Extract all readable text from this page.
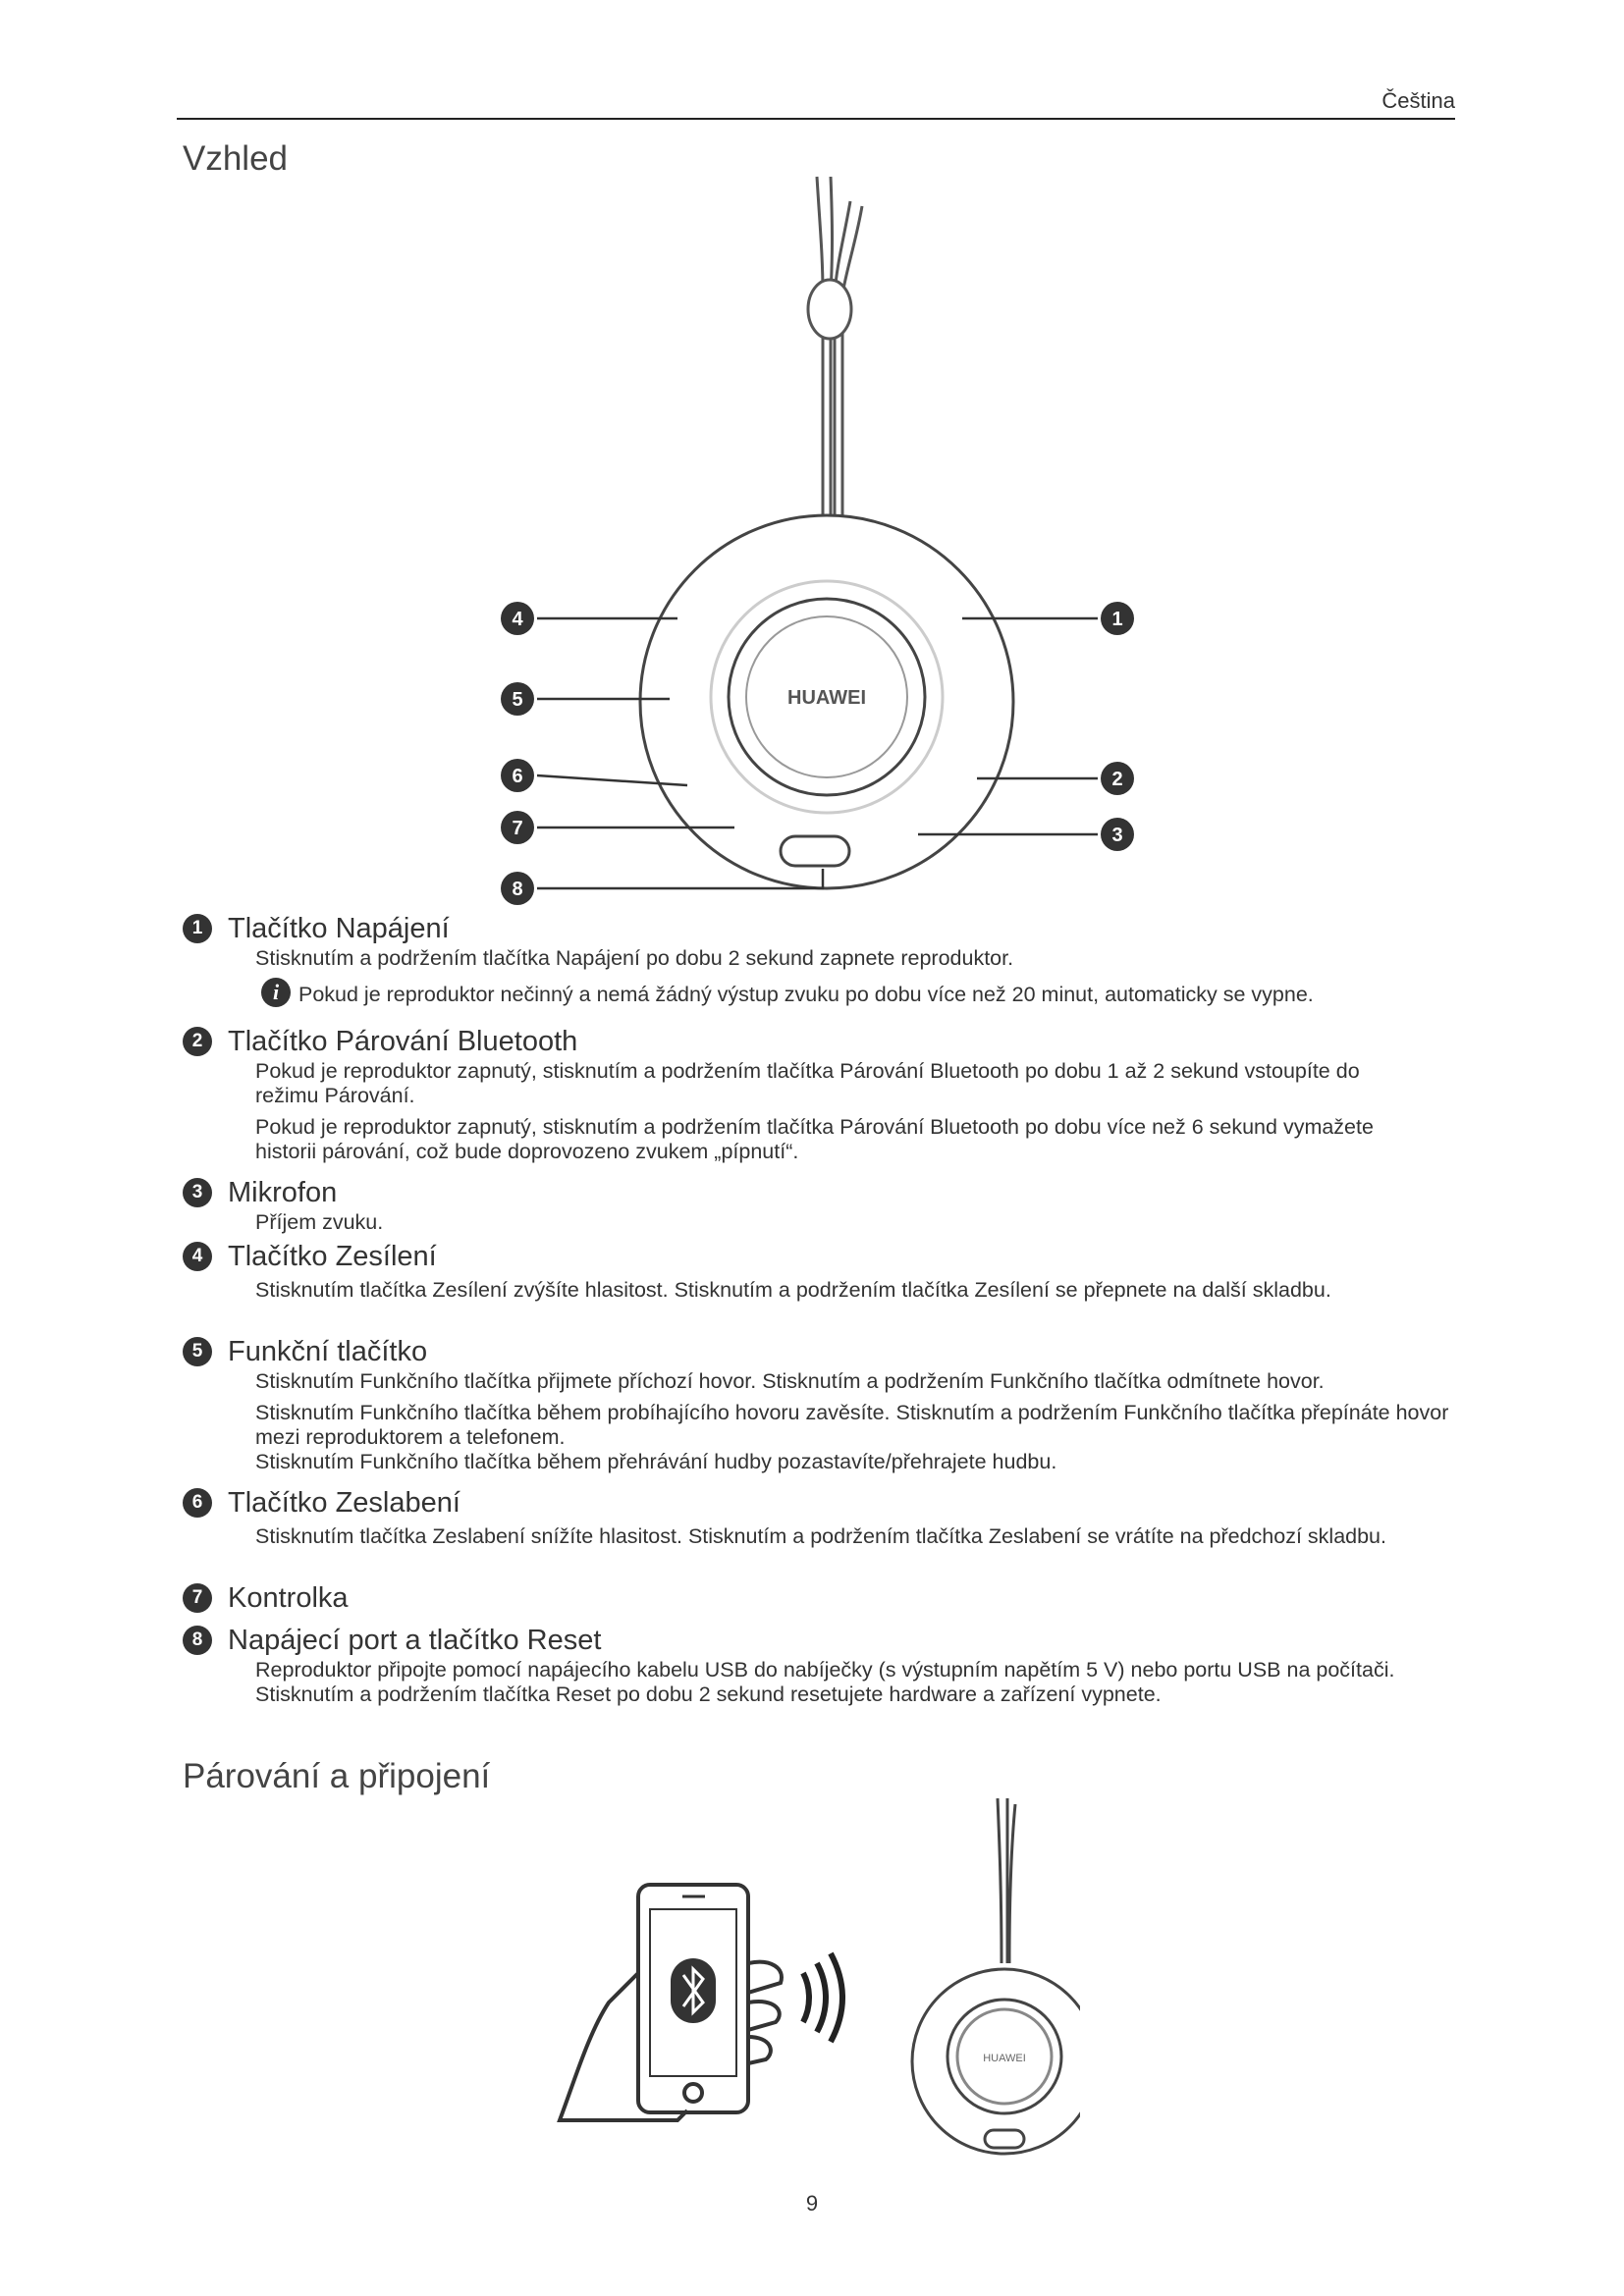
Čeština
Vzhled
HUAWEI
4
5
6
7
8
1
2
3
1 Tlačítko Napájení

Stisknutím a podržením tlačítka Napájení po dobu 2 sekund zapnete reproduktor.

i Pokud je reproduktor nečinný a nemá žádný výstup zvuku po dobu více než 20 minut, automaticky se vypne.
2 Tlačítko Párování Bluetooth

Pokud je reproduktor zapnutý, stisknutím a podržením tlačítka Párování Bluetooth po dobu 1 až 2 sekund vstoupíte do režimu Párování.

Pokud je reproduktor zapnutý, stisknutím a podržením tlačítka Párování Bluetooth po dobu více než 6 sekund vymažete historii párování, což bude doprovozeno zvukem „pípnutí“.

3 Mikrofon

Příjem zvuku.

4 Tlačítko Zesílení

Stisknutím tlačítka Zesílení zvýšíte hlasitost. Stisknutím a podržením tlačítka Zesílení se přepnete na další skladbu.

5 Funkční tlačítko

Stisknutím Funkčního tlačítka přijmete příchozí hovor. Stisknutím a podržením Funkčního tlačítka odmítnete hovor.

Stisknutím Funkčního tlačítka během probíhajícího hovoru zavěsíte. Stisknutím a podržením Funkčního tlačítka přepínáte hovor mezi reproduktorem a telefonem.

Stisknutím Funkčního tlačítka během přehrávání hudby pozastavíte/přehrajete hudbu.

6 Tlačítko Zeslabení

Stisknutím tlačítka Zeslabení snížíte hlasitost. Stisknutím a podržením tlačítka Zeslabení se vrátíte na předchozí skladbu.

7 Kontrolka
8 Napájecí port a tlačítko Reset

Reproduktor připojte pomocí napájecího kabelu USB do nabíječky (s výstupním napětím 5 V) nebo portu USB na počítači.

Stisknutím a podržením tlačítka Reset po dobu 2 sekund resetujete hardware a zařízení vypnete.

Párování a připojení
HUAWEI
9
